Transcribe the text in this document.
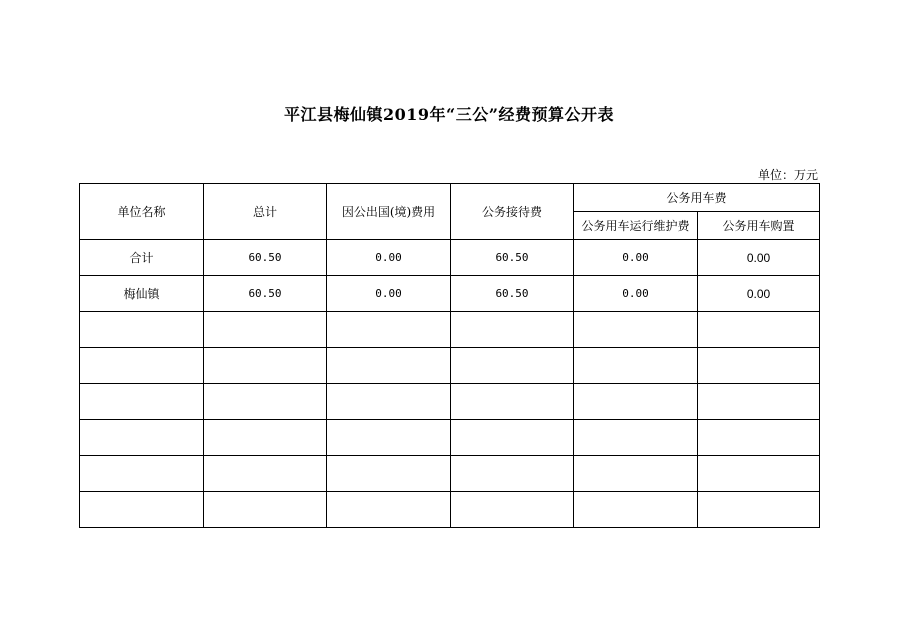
平江县梅仙镇2019年“三公”经费预算公开表
单位：万元
单位名称	总计	因公出国(境)费用	公务接待费	公务用车费	
				公务用车运行维护费	公务用车购置
合计	60.50	0.00	60.50	0.00	0.00
梅仙镇	60.50	0.00	60.50	0.00	0.00
